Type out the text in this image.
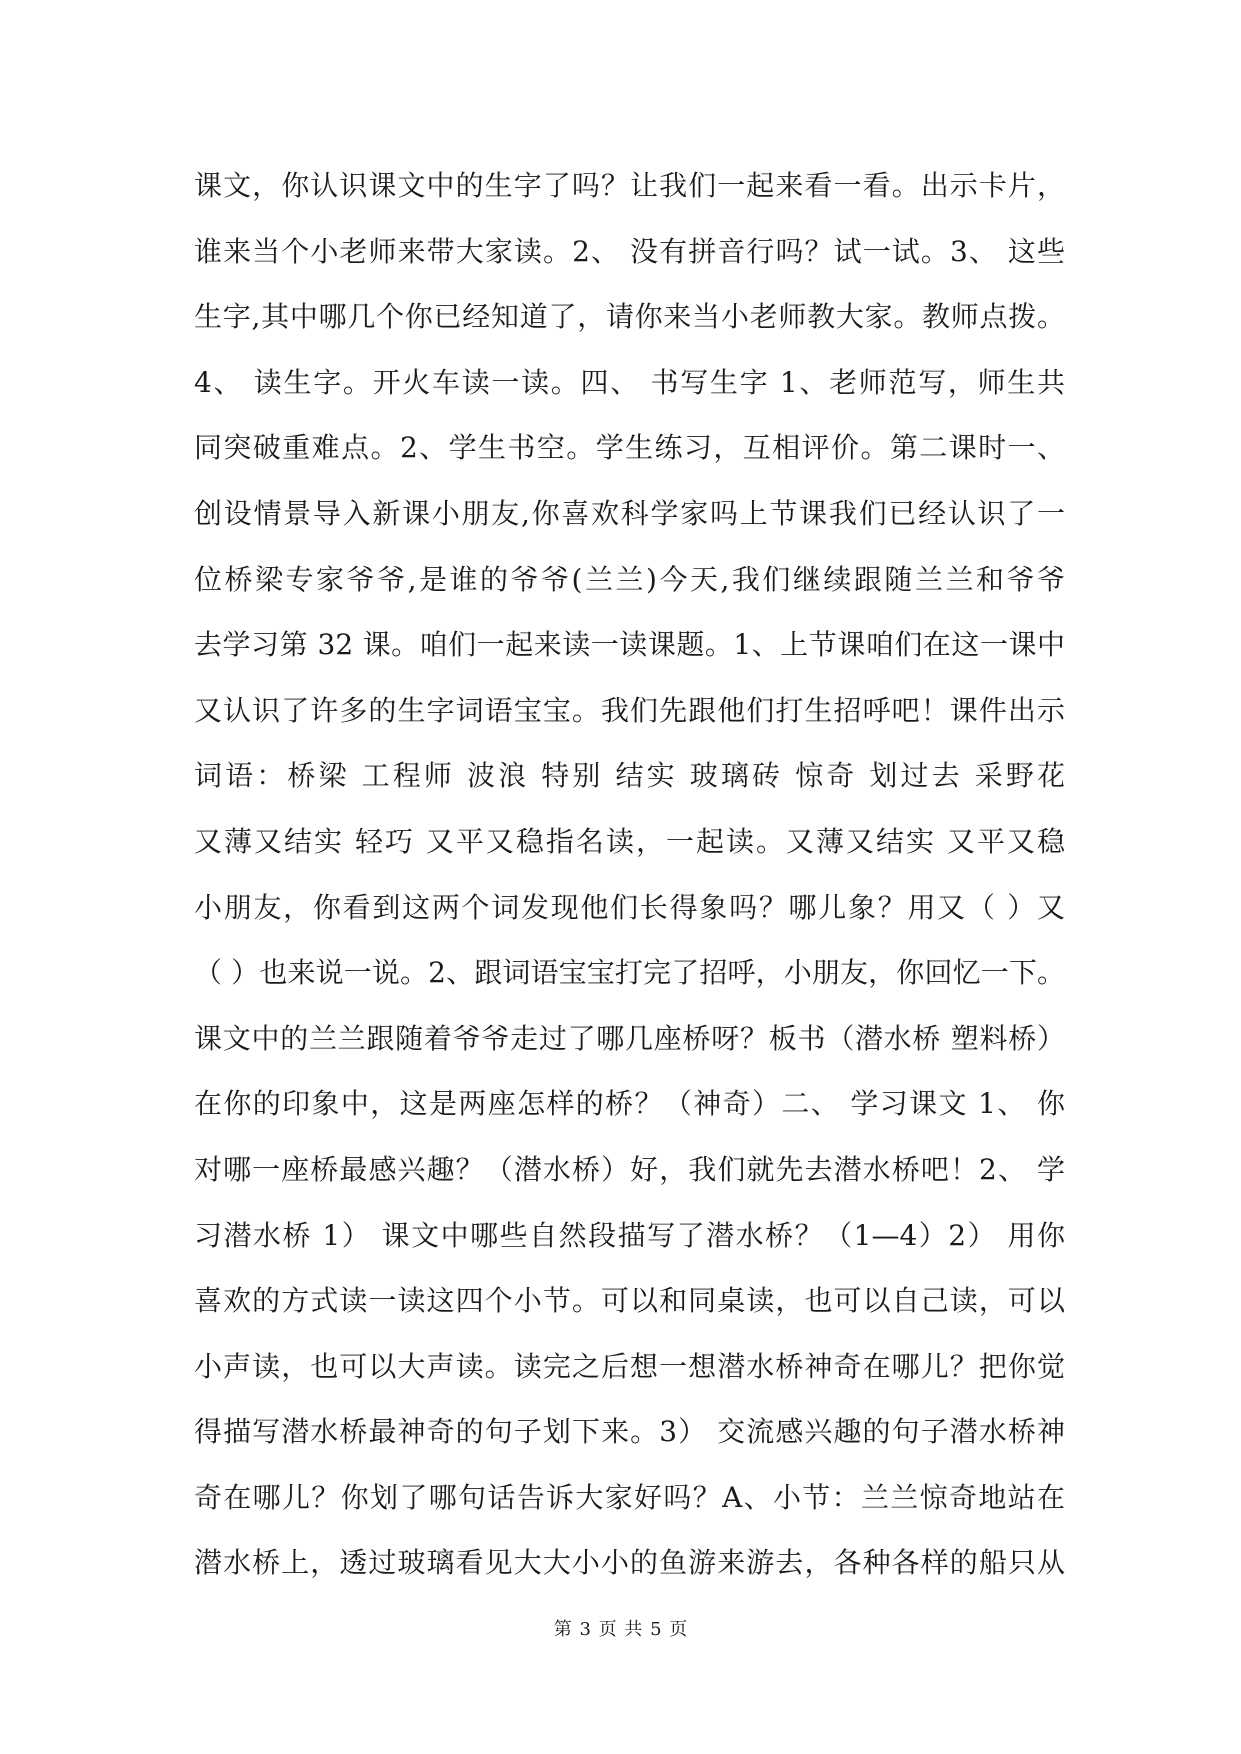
课文，你认识课文中的生字了吗？让我们一起来看一看。出示卡片，
谁来当个小老师来带大家读。2、 没有拼音行吗？试一试。3、 这些
生字,其中哪几个你已经知道了，请你来当小老师教大家。教师点拨。
4、 读生字。开火车读一读。四、 书写生字 1、老师范写，师生共
同突破重难点。2、学生书空。学生练习，互相评价。第二课时一、
创设情景导入新课小朋友,你喜欢科学家吗上节课我们已经认识了一
位桥梁专家爷爷,是谁的爷爷(兰兰)今天,我们继续跟随兰兰和爷爷
去学习第 32 课。咱们一起来读一读课题。1、上节课咱们在这一课中
又认识了许多的生字词语宝宝。我们先跟他们打生招呼吧！课件出示
词语：桥梁 工程师 波浪 特别 结实 玻璃砖 惊奇 划过去 采野花
又薄又结实 轻巧 又平又稳指名读，一起读。又薄又结实 又平又稳
小朋友，你看到这两个词发现他们长得象吗？哪儿象？用又（ ）又
（ ）也来说一说。2、跟词语宝宝打完了招呼，小朋友，你回忆一下。
课文中的兰兰跟随着爷爷走过了哪几座桥呀？板书（潜水桥 塑料桥）
在你的印象中，这是两座怎样的桥？（神奇）二、 学习课文 1、 你
对哪一座桥最感兴趣？（潜水桥）好，我们就先去潜水桥吧！2、 学
习潜水桥 1） 课文中哪些自然段描写了潜水桥？（1—4）2） 用你
喜欢的方式读一读这四个小节。可以和同桌读，也可以自己读，可以
小声读，也可以大声读。读完之后想一想潜水桥神奇在哪儿？把你觉
得描写潜水桥最神奇的句子划下来。3） 交流感兴趣的句子潜水桥神
奇在哪儿？你划了哪句话告诉大家好吗？A、小节：兰兰惊奇地站在
潜水桥上，透过玻璃看见大大小小的鱼游来游去，各种各样的船只从
第 3 页 共 5 页
